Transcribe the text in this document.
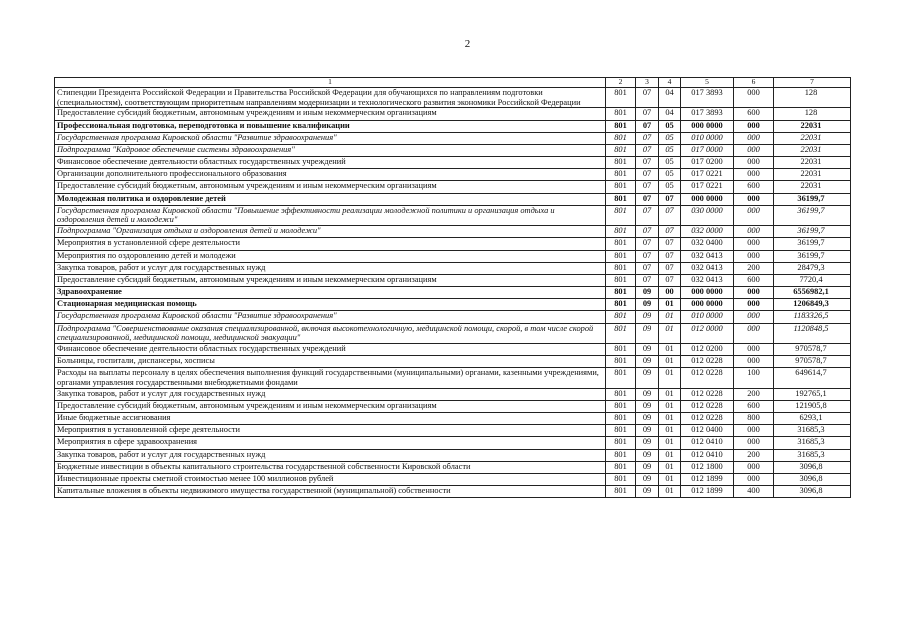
2
1	2	3	4	5	6	7
Стипендии Президента Российской Федерации и Правительства Российской Федерации для обучающихся по направлениям подготовки (специальностям), соответствующим приоритетным направлениям модернизации и технологического развития экономики Российской Федерации	801	07	04	017 3893	000	128
Предоставление субсидий бюджетным, автономным учреждениям и иным некоммерческим организациям	801	07	04	017 3893	600	128
Профессиональная подготовка, переподготовка и повышение квалификации	801	07	05	000 0000	000	22031
Государственная программа Кировской области "Развитие здравоохранения"	801	07	05	010 0000	000	22031
Подпрограмма "Кадровое обеспечение системы здравоохранения"	801	07	05	017 0000	000	22031
Финансовое обеспечение деятельности областных государственных учреждений	801	07	05	017 0200	000	22031
Организации дополнительного профессионального образования	801	07	05	017 0221	000	22031
Предоставление субсидий бюджетным, автономным учреждениям и иным некоммерческим организациям	801	07	05	017 0221	600	22031
Молодежная политика и оздоровление детей	801	07	07	000 0000	000	36199,7
Государственная программа Кировской области "Повышение эффективности реализации молодежной политики и организация отдыха и оздоровления детей и молодежи"	801	07	07	030 0000	000	36199,7
Подпрограмма "Организация отдыха и оздоровления детей и молодежи"	801	07	07	032 0000	000	36199,7
Мероприятия в установленной сфере деятельности	801	07	07	032 0400	000	36199,7
Мероприятия по оздоровлению детей и молодежи	801	07	07	032 0413	000	36199,7
Закупка товаров, работ и услуг для государственных нужд	801	07	07	032 0413	200	28479,3
Предоставление субсидий бюджетным, автономным учреждениям и иным некоммерческим организациям	801	07	07	032 0413	600	7720,4
Здравоохранение	801	09	00	000 0000	000	6556982,1
Стационарная медицинская помощь	801	09	01	000 0000	000	1206849,3
Государственная программа Кировской области "Развитие здравоохранения"	801	09	01	010 0000	000	1183326,5
Подпрограмма "Совершенствование оказания специализированной, включая высокотехнологичную, медицинской помощи, скорой, в том числе скорой специализированной, медицинской помощи, медицинской эвакуации"	801	09	01	012 0000	000	1120848,5
Финансовое обеспечение деятельности областных государственных учреждений	801	09	01	012 0200	000	970578,7
Больницы, госпитали, диспансеры, хосписы	801	09	01	012 0228	000	970578,7
Расходы на выплаты персоналу в целях обеспечения выполнения функций государственными (муниципальными) органами, казенными учреждениями, органами управления государственными внебюджетными фондами	801	09	01	012 0228	100	649614,7
Закупка товаров, работ и услуг для государственных нужд	801	09	01	012 0228	200	192765,1
Предоставление субсидий бюджетным, автономным учреждениям и иным некоммерческим организациям	801	09	01	012 0228	600	121905,8
Иные бюджетные ассигнования	801	09	01	012 0228	800	6293,1
Мероприятия в установленной сфере деятельности	801	09	01	012 0400	000	31685,3
Мероприятия в сфере здравоохранения	801	09	01	012 0410	000	31685,3
Закупка товаров, работ и услуг для государственных нужд	801	09	01	012 0410	200	31685,3
Бюджетные инвестиции в объекты капитального строительства государственной собственности Кировской области	801	09	01	012 1800	000	3096,8
Инвестиционные проекты сметной стоимостью менее 100 миллионов рублей	801	09	01	012 1899	000	3096,8
Капитальные вложения в объекты недвижимого имущества государственной (муниципальной) собственности	801	09	01	012 1899	400	3096,8
